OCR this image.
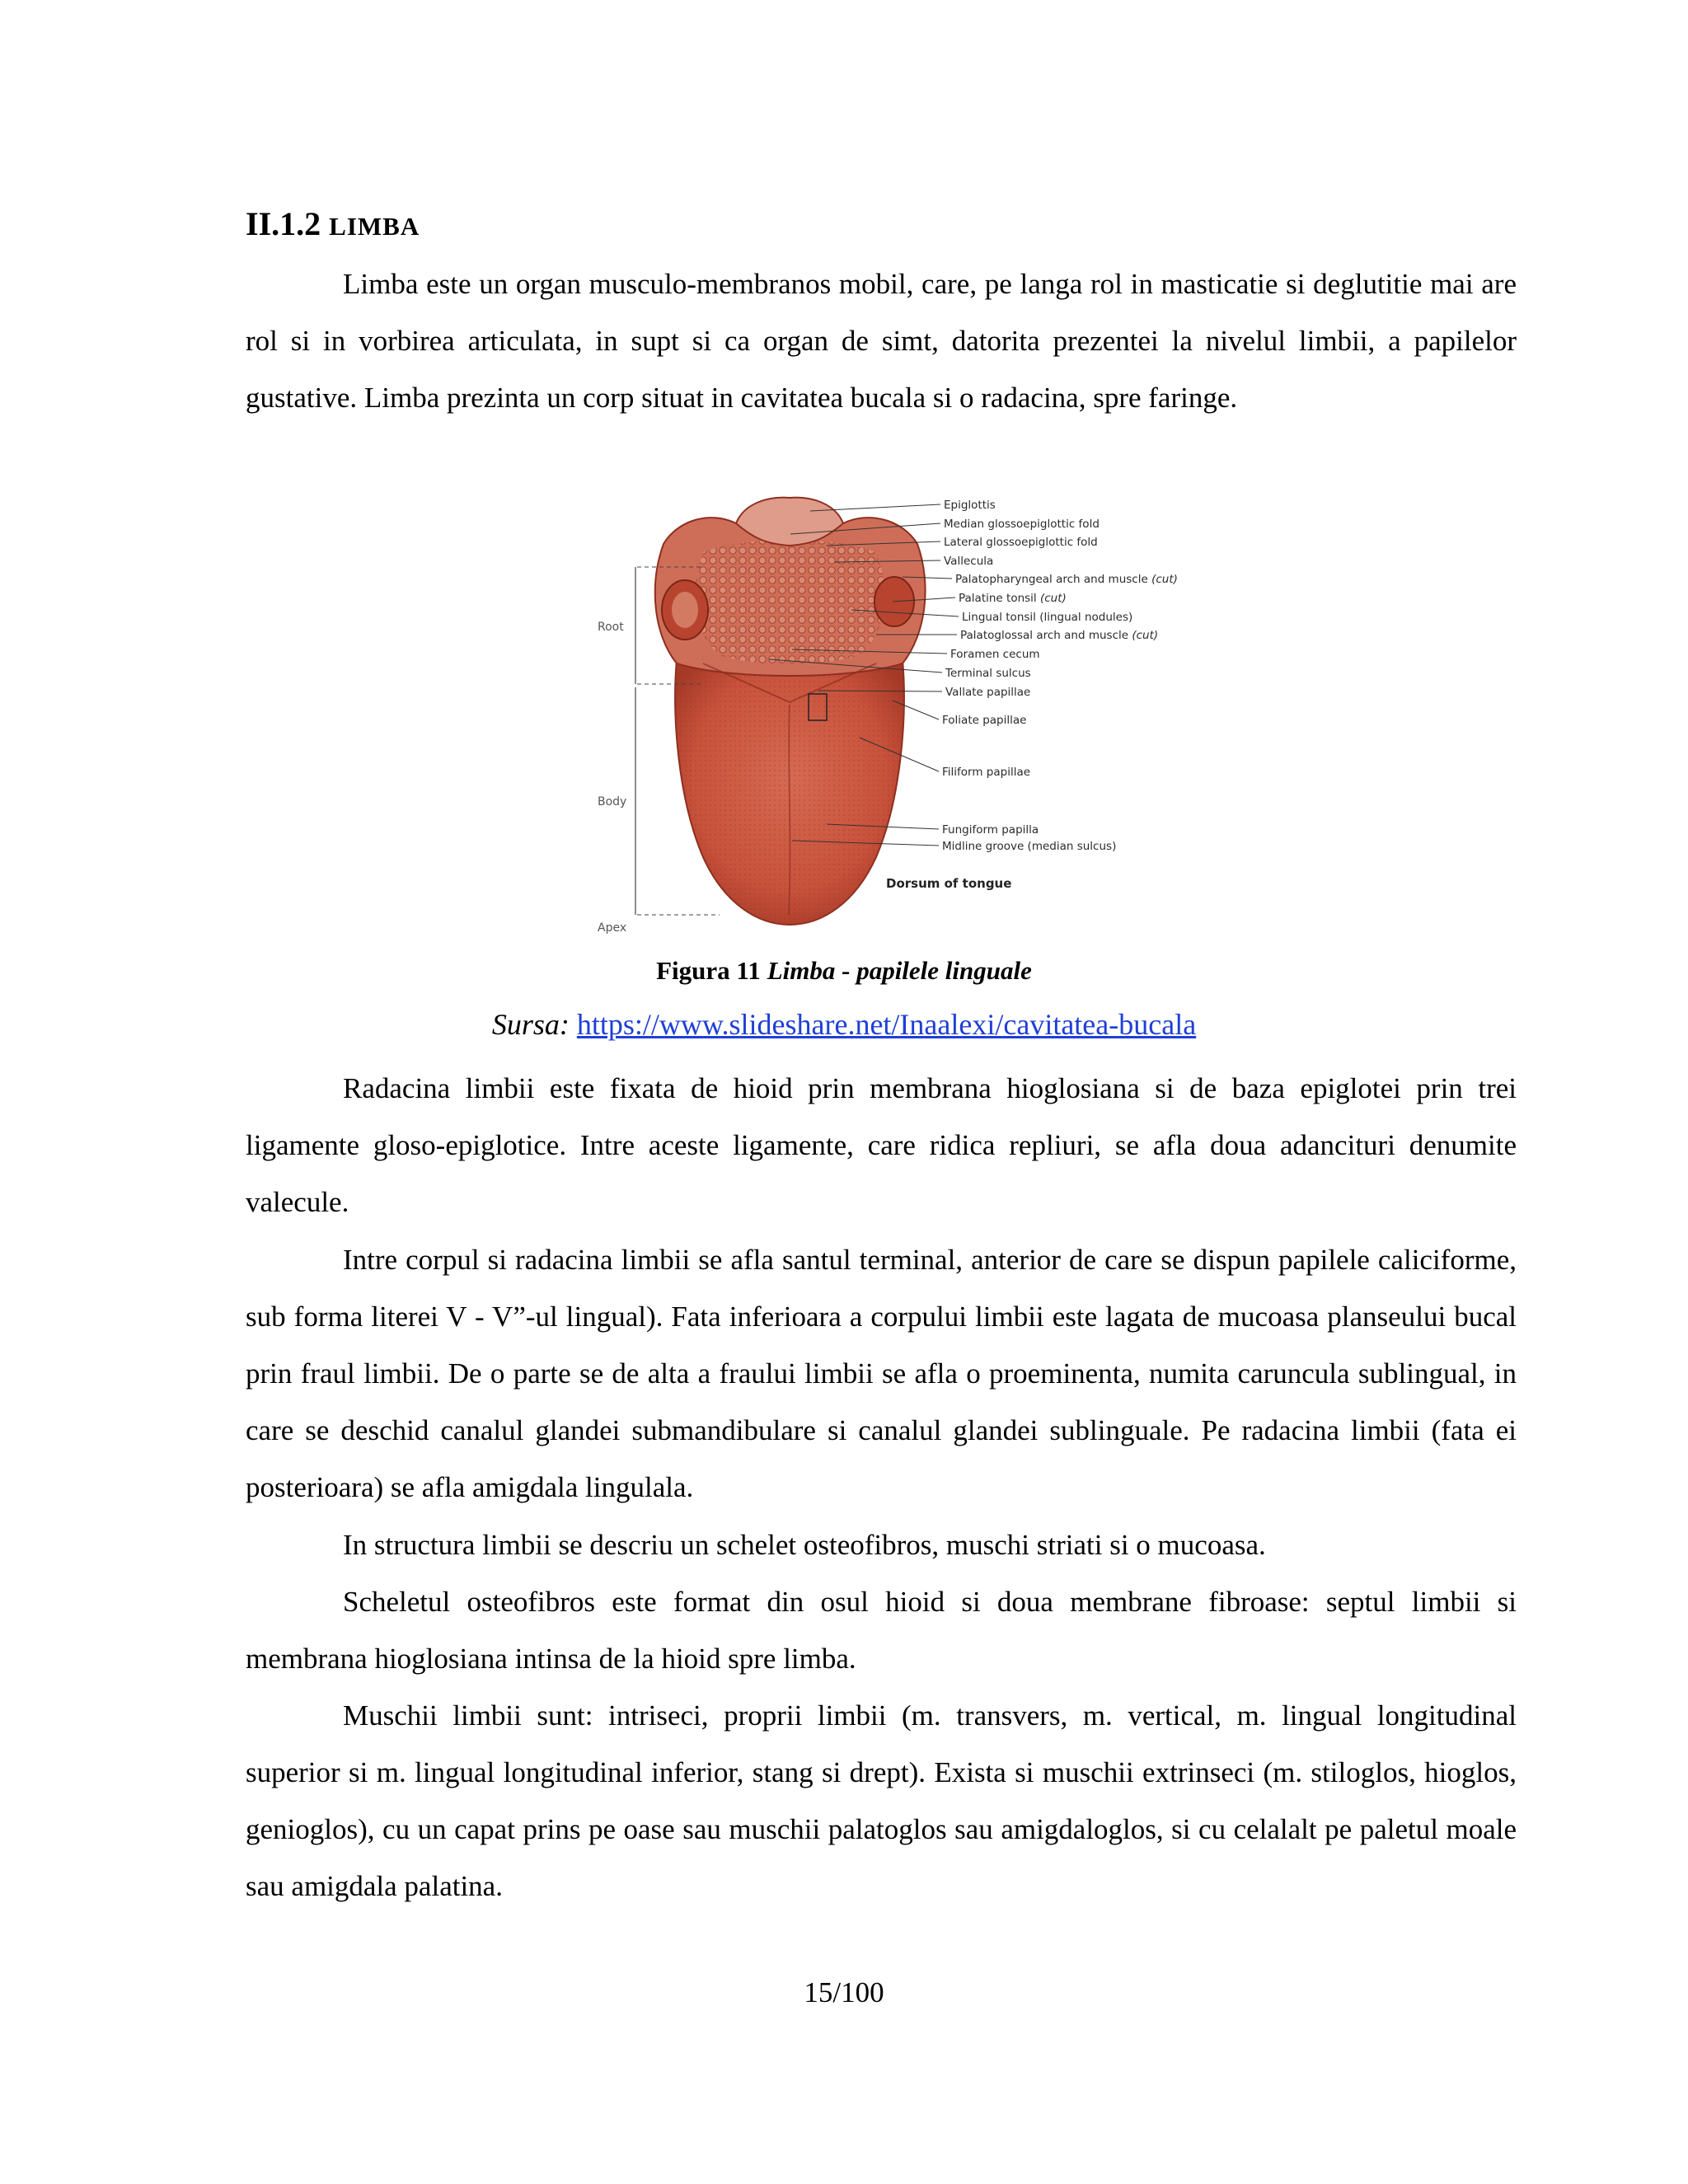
II.1.2 LIMBA

Limba este un organ musculo-membranos mobil, care, pe langa rol in masticatie si deglutitie mai are rol si in vorbirea articulata, in supt si ca organ de simt, datorita prezentei la nivelul limbii, a papilelor gustative. Limba prezinta un corp situat in cavitatea bucala si o radacina, spre faringe.

Root
Body
Apex
Epiglottis
Median glossoepiglottic fold
Lateral glossoepiglottic fold
Vallecula
Palatopharyngeal arch and muscle (cut)
Palatine tonsil (cut)
Lingual tonsil (lingual nodules)
Palatoglossal arch and muscle (cut)
Foramen cecum
Terminal sulcus
Vallate papillae
Foliate papillae
Filiform papillae
Fungiform papilla
Midline groove (median sulcus)
Dorsum of tongue

Figura 11 Limba - papilele linguale

Sursa: https://www.slideshare.net/Inaalexi/cavitatea-bucala

Radacina limbii este fixata de hioid prin membrana hioglosiana si de baza epiglotei prin trei ligamente gloso-epiglotice. Intre aceste ligamente, care ridica repliuri, se afla doua adancituri denumite valecule.

Intre corpul si radacina limbii se afla santul terminal, anterior de care se dispun papilele caliciforme, sub forma literei V - V”-ul lingual). Fata inferioara a corpului limbii este lagata de mucoasa planseului bucal prin fraul limbii. De o parte se de alta a fraului limbii se afla o proeminenta, numita caruncula sublingual, in care se deschid canalul glandei submandibulare si canalul glandei sublinguale. Pe radacina limbii (fata ei posterioara) se afla amigdala lingulala.

In structura limbii se descriu un schelet osteofibros, muschi striati si o mucoasa.

Scheletul osteofibros este format din osul hioid si doua membrane fibroase: septul limbii si membrana hioglosiana intinsa de la hioid spre limba.

Muschii limbii sunt: intriseci, proprii limbii (m. transvers, m. vertical, m. lingual longitudinal superior si m. lingual longitudinal inferior, stang si drept). Exista si muschii extrinseci (m. stiloglos, hioglos, genioglos), cu un capat prins pe oase sau muschii palatoglos sau amigdaloglos, si cu celalalt pe paletul moale sau amigdala palatina.

15/100
